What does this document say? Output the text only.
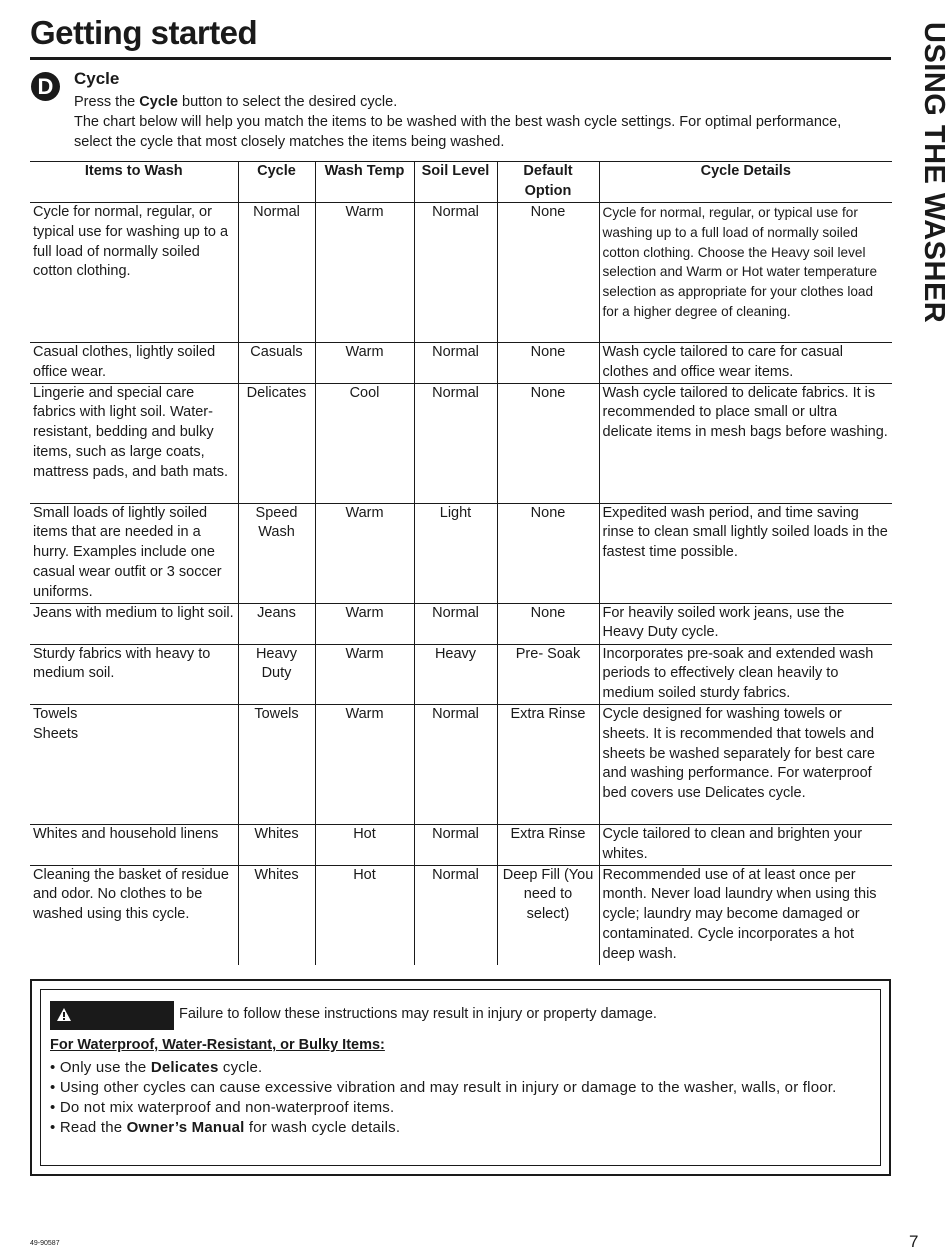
Getting started	USING THE WASHER
D	Cycle

Press the Cycle button to select the desired cycle.

The chart below will help you match the items to be washed with the best wash cycle settings. For optimal performance, select the cycle that most closely matches the items being washed.

Items to Wash	Cycle	Wash Temp	Soil Level	Default Option	Cycle Details
Cycle for normal, regular, or typical use for washing up to a full load of normally soiled cotton clothing.	Normal	Warm	Normal	None	Cycle for normal, regular, or typical use for washing up to a full load of normally soiled cotton clothing. Choose the Heavy soil level selection and Warm or Hot water temperature selection as appropriate for your clothes load for a higher degree of cleaning.
Casual clothes, lightly soiled office wear.	Casuals	Warm	Normal	None	Wash cycle tailored to care for casual clothes and office wear items.
Lingerie and special care fabrics with light soil. Water-resistant, bedding and bulky items, such as large coats, mattress pads, and bath mats.	Delicates	Cool	Normal	None	Wash cycle tailored to delicate fabrics. It is recommended to place small or ultra delicate items in mesh bags before washing.
Small loads of lightly soiled items that are needed in a hurry. Examples include one casual wear outfit or 3 soccer uniforms.	Speed Wash	Warm	Light	None	Expedited wash period, and time saving rinse to clean small lightly soiled loads in the fastest time possible.
Jeans with medium to light soil.	Jeans	Warm	Normal	None	For heavily soiled work jeans, use the Heavy Duty cycle.
Sturdy fabrics with heavy to medium soil.	Heavy Duty	Warm	Heavy	Pre- Soak	Incorporates pre-soak and extended wash periods to effectively clean heavily to medium soiled sturdy fabrics.

Towels
Sheets	Towels	Warm	Normal	Extra Rinse	Cycle designed for washing towels or sheets. It is recommended that towels and sheets be washed separately for best care and washing performance. For waterproof bed covers use Delicates cycle.
Whites and household linens	Whites	Hot	Normal	Extra Rinse	Cycle tailored to clean and brighten your whites.
Cleaning the basket of residue and odor. No clothes to be washed using this cycle.	Whites	Hot	Normal	Deep Fill (You need to select)	Recommended use of at least once per month. Never load laundry when using this cycle; laundry may become damaged or contaminated. Cycle incorporates a hot deep wash.
Failure to follow these instructions may result in injury or property damage.
For Waterproof, Water-Resistant, or Bulky Items:
• Only use the Delicates cycle.
• Using other cycles can cause excessive vibration and may result in injury or damage to the washer, walls, or floor.
• Do not mix waterproof and non-waterproof items.
• Read the Owner’s Manual for wash cycle details.
49-90587	7
